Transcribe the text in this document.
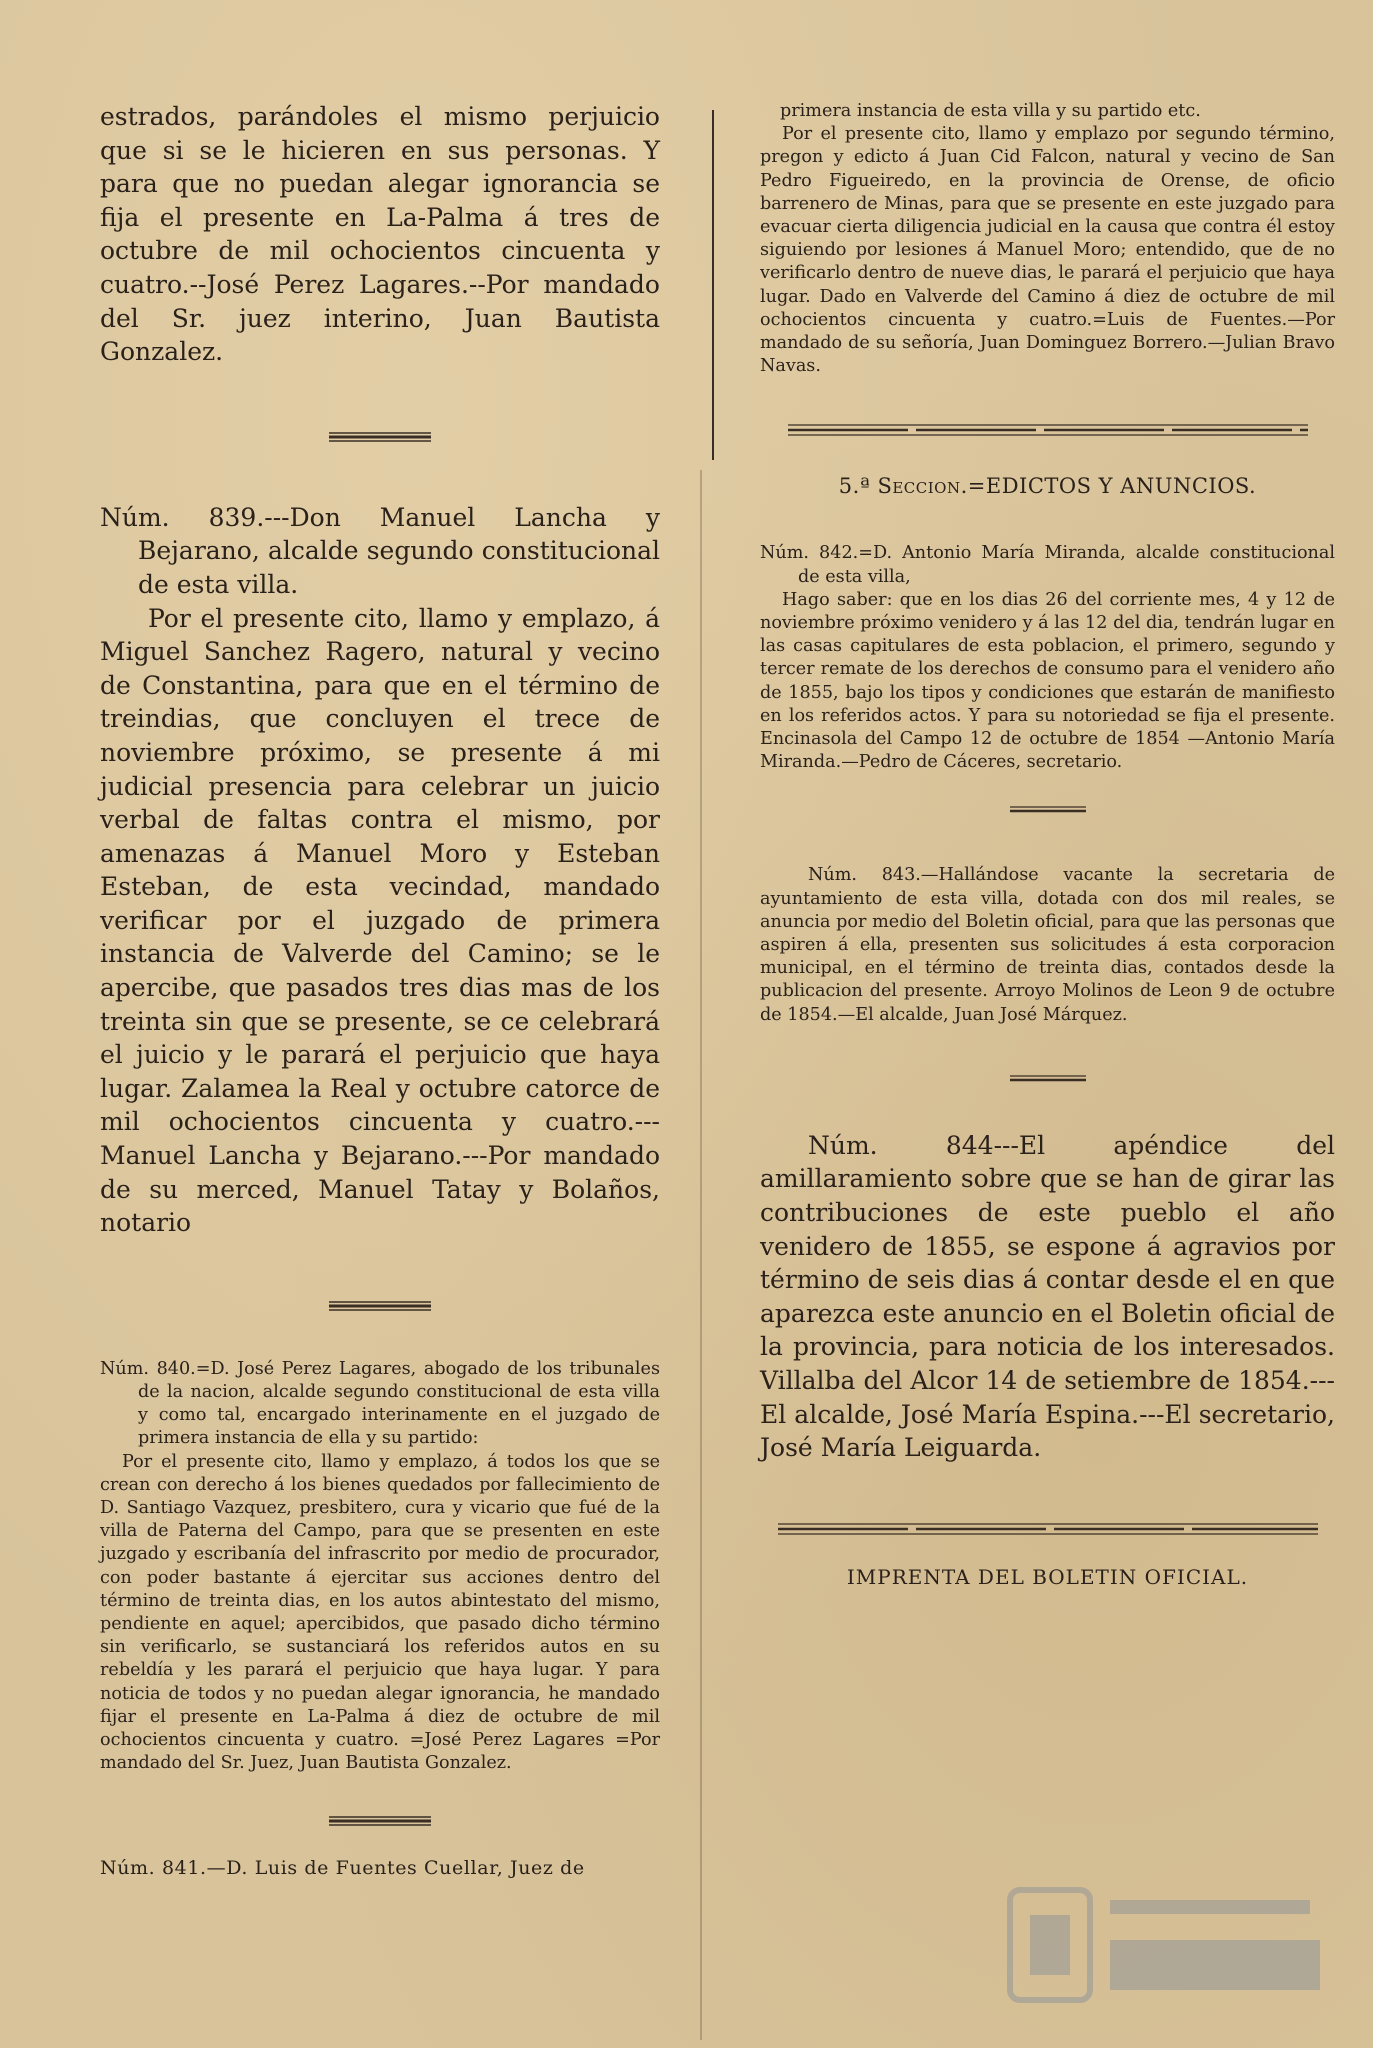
estrados, parándoles el mismo perjuicio que si se le hicieren en sus personas. Y para que no puedan alegar ignorancia se fija el presente en La-Palma á tres de octubre de mil ochocientos cincuenta y cuatro.--José Perez Lagares.--Por mandado del Sr. juez interino, Juan Bautista Gonzalez.

Núm. 839.---Don Manuel Lancha y Bejarano, alcalde segundo constitucional de esta villa.

Por el presente cito, llamo y emplazo, á Miguel Sanchez Ragero, natural y vecino de Constantina, para que en el término de treindias, que concluyen el trece de noviembre próximo, se presente á mi judicial presencia para celebrar un juicio verbal de faltas contra el mismo, por amenazas á Manuel Moro y Esteban Esteban, de esta vecindad, mandado verificar por el juzgado de primera instancia de Valverde del Camino; se le apercibe, que pasados tres dias mas de los treinta sin que se presente, se ce celebrará el juicio y le parará el perjuicio que haya lugar. Zalamea la Real y octubre catorce de mil ochocientos cincuenta y cuatro.---Manuel Lancha y Bejarano.---Por mandado de su merced, Manuel Tatay y Bolaños, notario

Núm. 840.=D. José Perez Lagares, abogado de los tribunales de la nacion, alcalde segundo constitucional de esta villa y como tal, encargado interinamente en el juzgado de primera instancia de ella y su partido:

Por el presente cito, llamo y emplazo, á todos los que se crean con derecho á los bienes quedados por fallecimiento de D. Santiago Vazquez, presbitero, cura y vicario que fué de la villa de Paterna del Campo, para que se presenten en este juzgado y escribanía del infrascrito por medio de procurador, con poder bastante á ejercitar sus acciones dentro del término de treinta dias, en los autos abintestato del mismo, pendiente en aquel; apercibidos, que pasado dicho término sin verificarlo, se sustanciará los referidos autos en su rebeldía y les parará el perjuicio que haya lugar. Y para noticia de todos y no puedan alegar ignorancia, he mandado fijar el presente en La-Palma á diez de octubre de mil ochocientos cincuenta y cuatro. =José Perez Lagares =Por mandado del Sr. Juez, Juan Bautista Gonzalez.

Núm. 841.—D. Luis de Fuentes Cuellar, Juez de

primera instancia de esta villa y su partido etc.

Por el presente cito, llamo y emplazo por segundo término, pregon y edicto á Juan Cid Falcon, natural y vecino de San Pedro Figueiredo, en la provincia de Orense, de oficio barrenero de Minas, para que se presente en este juzgado para evacuar cierta diligencia judicial en la causa que contra él estoy siguiendo por lesiones á Manuel Moro; entendido, que de no verificarlo dentro de nueve dias, le parará el perjuicio que haya lugar. Dado en Valverde del Camino á diez de octubre de mil ochocientos cincuenta y cuatro.=Luis de Fuentes.—Por mandado de su señoría, Juan Dominguez Borrero.—Julian Bravo Navas.

5.ª Seccion.=EDICTOS Y ANUNCIOS.

Núm. 842.=D. Antonio María Miranda, alcalde constitucional de esta villa,

Hago saber: que en los dias 26 del corriente mes, 4 y 12 de noviembre próximo venidero y á las 12 del dia, tendrán lugar en las casas capitulares de esta poblacion, el primero, segundo y tercer remate de los derechos de consumo para el venidero año de 1855, bajo los tipos y condiciones que estarán de manifiesto en los referidos actos. Y para su notoriedad se fija el presente. Encinasola del Campo 12 de octubre de 1854 —Antonio María Miranda.—Pedro de Cáceres, secretario.

Núm. 843.—Hallándose vacante la secretaria de ayuntamiento de esta villa, dotada con dos mil reales, se anuncia por medio del Boletin oficial, para que las personas que aspiren á ella, presenten sus solicitudes á esta corporacion municipal, en el término de treinta dias, contados desde la publicacion del presente. Arroyo Molinos de Leon 9 de octubre de 1854.—El alcalde, Juan José Márquez.

Núm. 844---El apéndice del amillaramiento sobre que se han de girar las contribuciones de este pueblo el año venidero de 1855, se espone á agravios por término de seis dias á contar desde el en que aparezca este anuncio en el Boletin oficial de la provincia, para noticia de los interesados. Villalba del Alcor 14 de setiembre de 1854.---El alcalde, José María Espina.---El secretario, José María Leiguarda.

IMPRENTA DEL BOLETIN OFICIAL.
